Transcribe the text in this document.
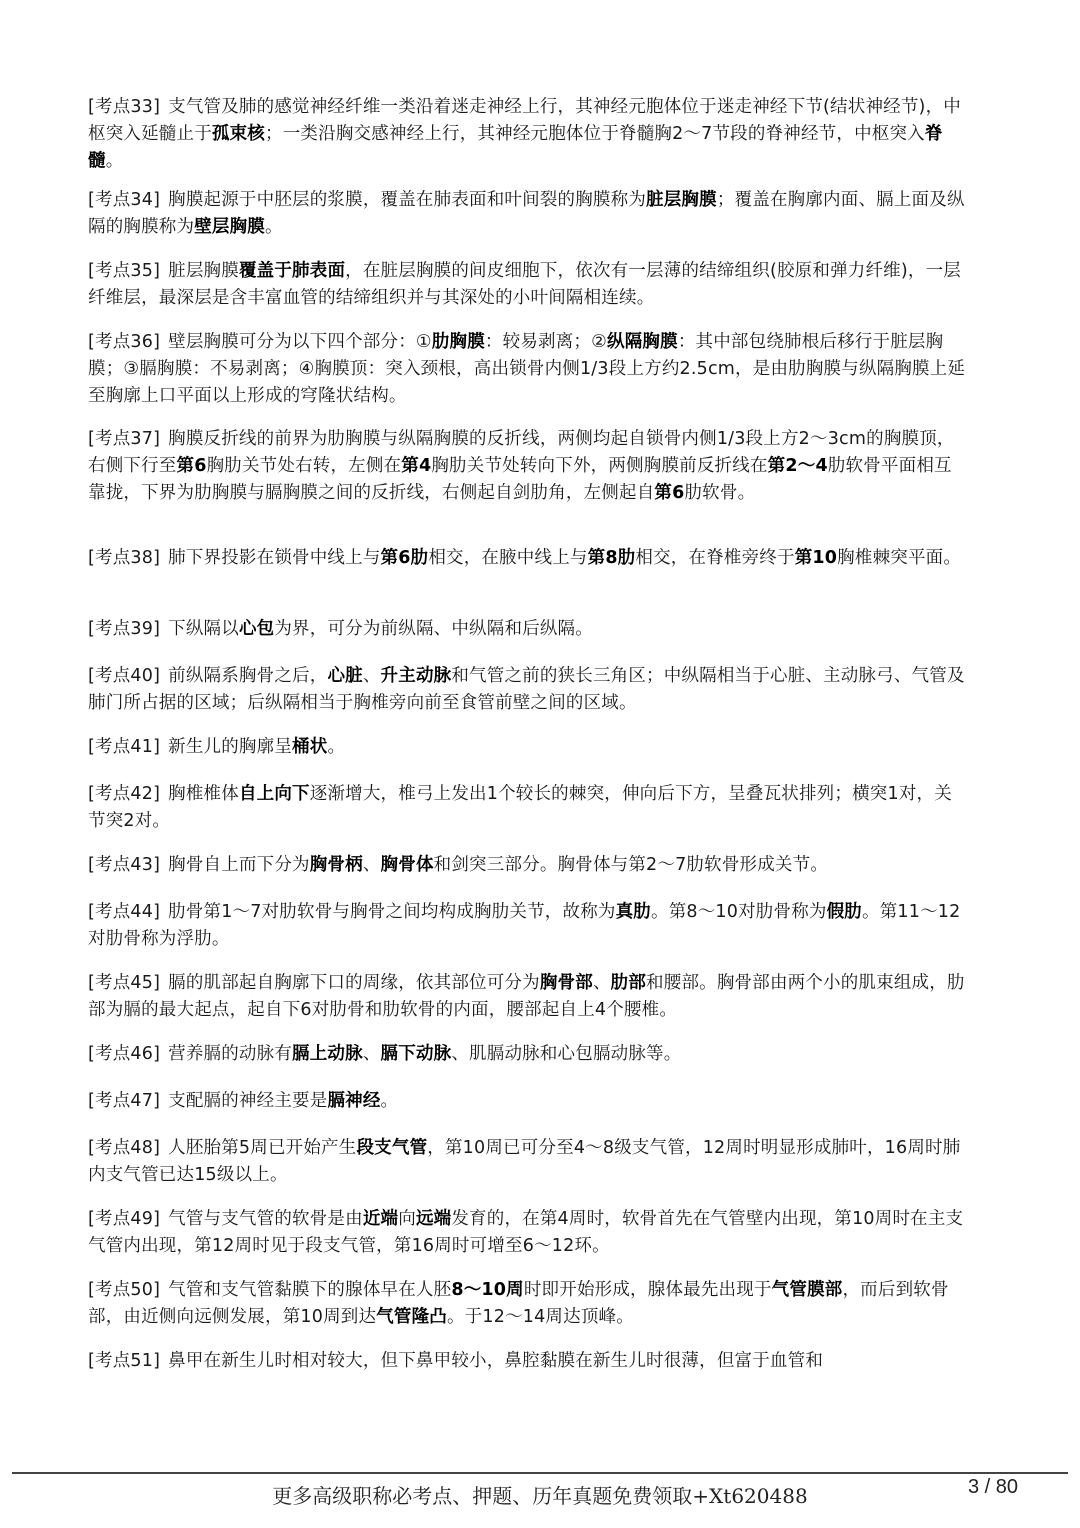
[考点33] 支气管及肺的感觉神经纤维一类沿着迷走神经上行，其神经元胞体位于迷走神经下节(结状神经节)，中枢突入延髓止于孤束核；一类沿胸交感神经上行，其神经元胞体位于脊髓胸2～7节段的脊神经节，中枢突入脊髓。

[考点34] 胸膜起源于中胚层的浆膜，覆盖在肺表面和叶间裂的胸膜称为脏层胸膜；覆盖在胸廓内面、膈上面及纵隔的胸膜称为壁层胸膜。

[考点35] 脏层胸膜覆盖于肺表面，在脏层胸膜的间皮细胞下，依次有一层薄的结缔组织(胶原和弹力纤维)，一层纤维层，最深层是含丰富血管的结缔组织并与其深处的小叶间隔相连续。

[考点36] 壁层胸膜可分为以下四个部分：①肋胸膜：较易剥离；②纵隔胸膜：其中部包绕肺根后移行于脏层胸膜；③膈胸膜：不易剥离；④胸膜顶：突入颈根，高出锁骨内侧1/3段上方约2.5cm，是由肋胸膜与纵隔胸膜上延至胸廓上口平面以上形成的穹隆状结构。

[考点37] 胸膜反折线的前界为肋胸膜与纵隔胸膜的反折线，两侧均起自锁骨内侧1/3段上方2～3cm的胸膜顶，右侧下行至第6胸肋关节处右转，左侧在第4胸肋关节处转向下外，两侧胸膜前反折线在第2～4肋软骨平面相互靠拢，下界为肋胸膜与膈胸膜之间的反折线，右侧起自剑肋角，左侧起自第6肋软骨。

[考点38] 肺下界投影在锁骨中线上与第6肋相交，在腋中线上与第8肋相交，在脊椎旁终于第10胸椎棘突平面。

[考点39] 下纵隔以心包为界，可分为前纵隔、中纵隔和后纵隔。

[考点40] 前纵隔系胸骨之后，心脏、升主动脉和气管之前的狭长三角区；中纵隔相当于心脏、主动脉弓、气管及肺门所占据的区域；后纵隔相当于胸椎旁向前至食管前壁之间的区域。

[考点41] 新生儿的胸廓呈桶状。

[考点42] 胸椎椎体自上向下逐渐增大，椎弓上发出1个较长的棘突，伸向后下方，呈叠瓦状排列；横突1对，关节突2对。

[考点43] 胸骨自上而下分为胸骨柄、胸骨体和剑突三部分。胸骨体与第2～7肋软骨形成关节。

[考点44] 肋骨第1～7对肋软骨与胸骨之间均构成胸肋关节，故称为真肋。第8～10对肋骨称为假肋。第11～12对肋骨称为浮肋。

[考点45] 膈的肌部起自胸廓下口的周缘，依其部位可分为胸骨部、肋部和腰部。胸骨部由两个小的肌束组成，肋部为膈的最大起点，起自下6对肋骨和肋软骨的内面，腰部起自上4个腰椎。

[考点46] 营养膈的动脉有膈上动脉、膈下动脉、肌膈动脉和心包膈动脉等。

[考点47] 支配膈的神经主要是膈神经。

[考点48] 人胚胎第5周已开始产生段支气管，第10周已可分至4～8级支气管，12周时明显形成肺叶，16周时肺内支气管已达15级以上。

[考点49] 气管与支气管的软骨是由近端向远端发育的，在第4周时，软骨首先在气管壁内出现，第10周时在主支气管内出现，第12周时见于段支气管，第16周时可增至6～12环。

[考点50] 气管和支气管黏膜下的腺体早在人胚8～10周时即开始形成，腺体最先出现于气管膜部，而后到软骨部，由近侧向远侧发展，第10周到达气管隆凸。于12～14周达顶峰。

[考点51] 鼻甲在新生儿时相对较大，但下鼻甲较小，鼻腔黏膜在新生儿时很薄，但富于血管和

更多高级职称必考点、押题、历年真题免费领取+Xt620488	3 / 80
